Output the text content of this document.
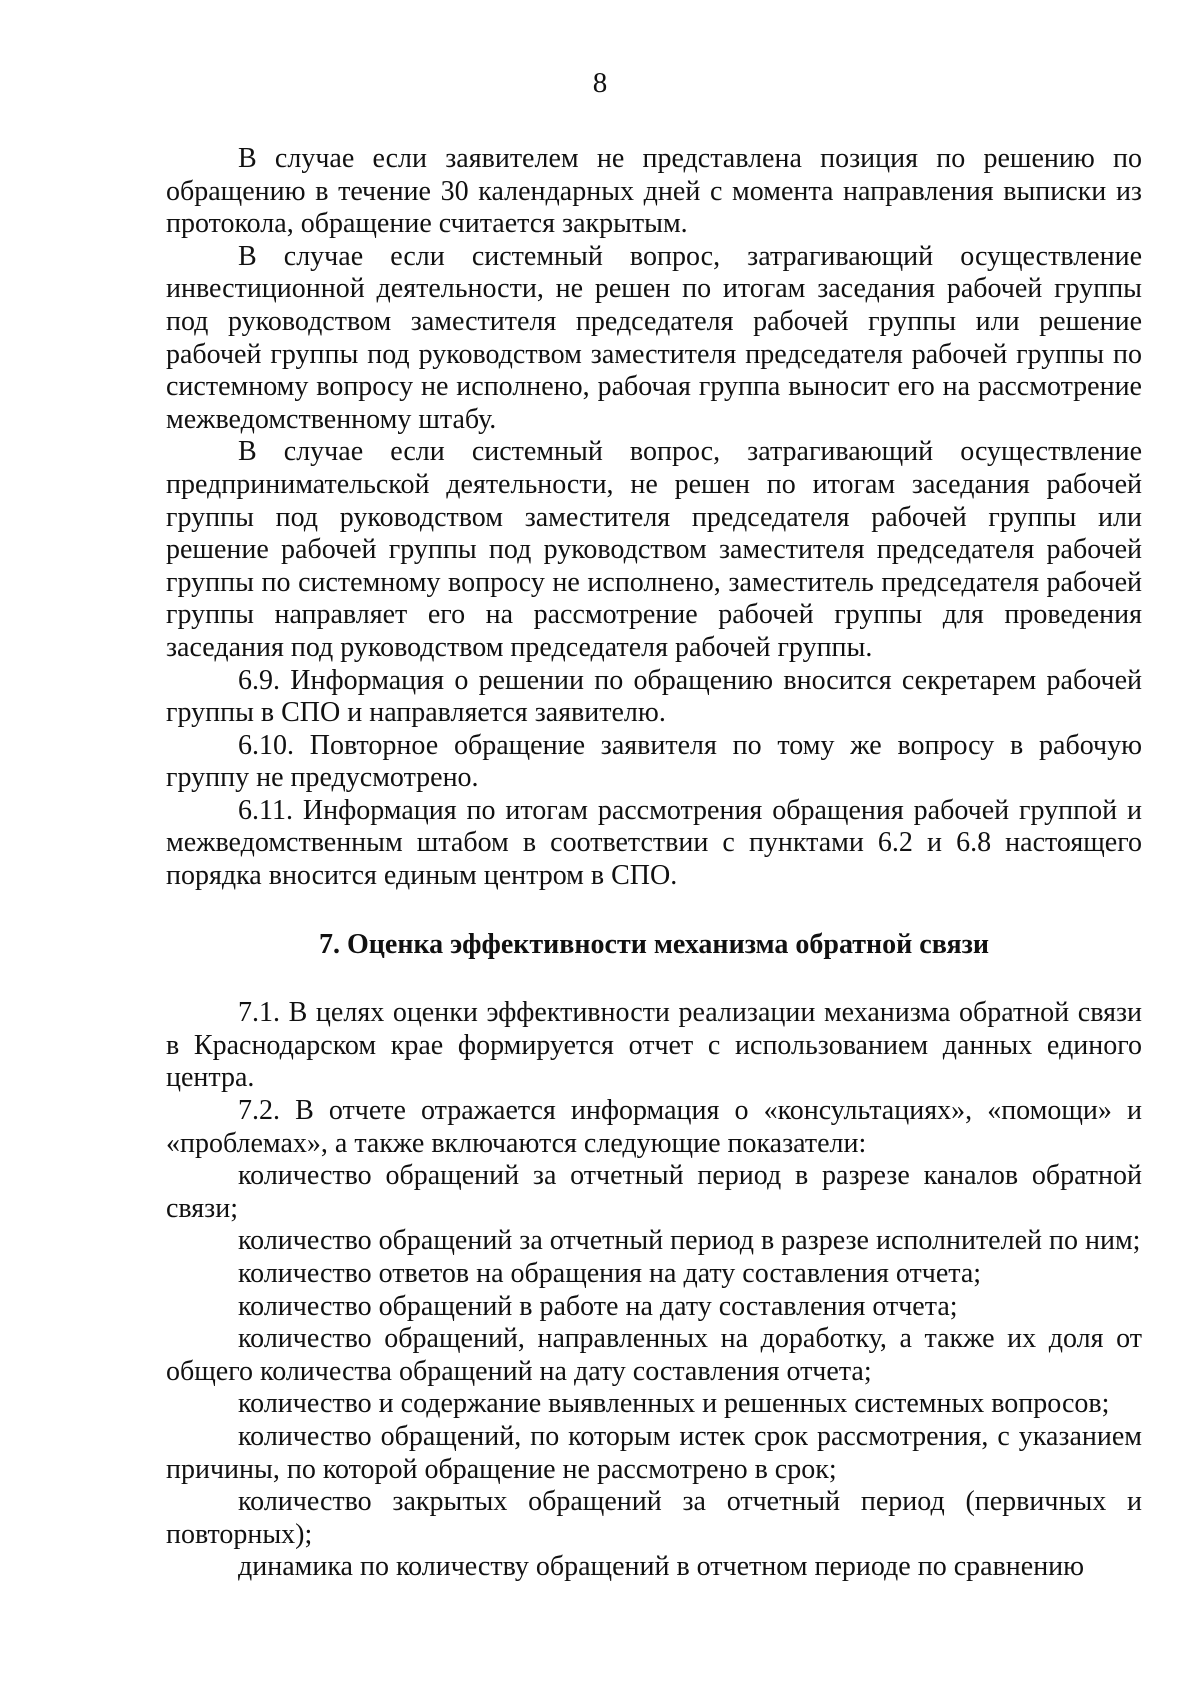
8

В случае если заявителем не представлена позиция по решению по обращению в течение 30 календарных дней с момента направления выписки из протокола, обращение считается закрытым.

В случае если системный вопрос, затрагивающий осуществление инвестиционной деятельности, не решен по итогам заседания рабочей группы под руководством заместителя председателя рабочей группы или решение рабочей группы под руководством заместителя председателя рабочей группы по системному вопросу не исполнено, рабочая группа выносит его на рассмотрение межведомственному штабу.

В случае если системный вопрос, затрагивающий осуществление предпринимательской деятельности, не решен по итогам заседания рабочей группы под руководством заместителя председателя рабочей группы или решение рабочей группы под руководством заместителя председателя рабочей группы по системному вопросу не исполнено, заместитель председателя рабочей группы направляет его на рассмотрение рабочей группы для проведения заседания под руководством председателя рабочей группы.

6.9. Информация о решении по обращению вносится секретарем рабочей группы в СПО и направляется заявителю.

6.10. Повторное обращение заявителя по тому же вопросу в рабочую группу не предусмотрено.

6.11. Информация по итогам рассмотрения обращения рабочей группой и межведомственным штабом в соответствии с пунктами 6.2 и 6.8 настоящего порядка вносится единым центром в СПО.

7. Оценка эффективности механизма обратной связи

7.1. В целях оценки эффективности реализации механизма обратной связи в Краснодарском крае формируется отчет с использованием данных единого центра.

7.2. В отчете отражается информация о «консультациях», «помощи» и «проблемах», а также включаются следующие показатели:

количество обращений за отчетный период в разрезе каналов обратной связи;

количество обращений за отчетный период в разрезе исполнителей по ним;

количество ответов на обращения на дату составления отчета;

количество обращений в работе на дату составления отчета;

количество обращений, направленных на доработку, а также их доля от общего количества обращений на дату составления отчета;

количество и содержание выявленных и решенных системных вопросов;

количество обращений, по которым истек срок рассмотрения, с указанием причины, по которой обращение не рассмотрено в срок;

количество закрытых обращений за отчетный период (первичных и повторных);

динамика по количеству обращений в отчетном периоде по сравнению
